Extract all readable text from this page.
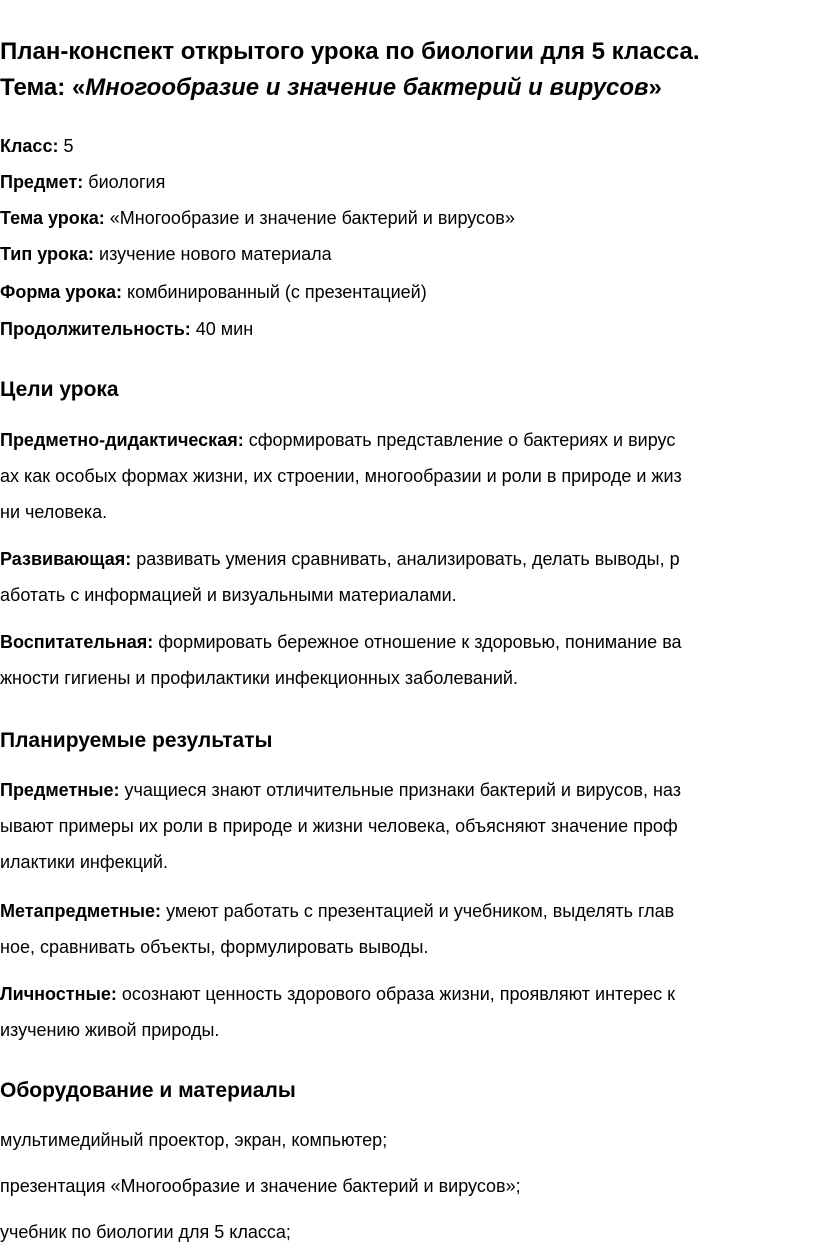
План-конспект открытого урока по биологии для 5 класса.
Тема: «Многообразие и значение бактерий и вирусов»
Класс: 5
Предмет: биология
Тема урока: «Многообразие и значение бактерий и вирусов»
Тип урока: изучение нового материала
Форма урока: комбинированный (с презентацией)
Продолжительность: 40 мин
Цели урока
Предметно-дидактическая: сформировать представление о бактериях и вирус
ах как особых формах жизни, их строении, многообразии и роли в природе и жиз
ни человека.
Развивающая: развивать умения сравнивать, анализировать, делать выводы, р
аботать с информацией и визуальными материалами.
Воспитательная: формировать бережное отношение к здоровью, понимание ва
жности гигиены и профилактики инфекционных заболеваний.
Планируемые результаты
Предметные: учащиеся знают отличительные признаки бактерий и вирусов, наз
ывают примеры их роли в природе и жизни человека, объясняют значение проф
илактики инфекций.
Метапредметные: умеют работать с презентацией и учебником, выделять глав
ное, сравнивать объекты, формулировать выводы.
Личностные: осознают ценность здорового образа жизни, проявляют интерес к
изучению живой природы.
Оборудование и материалы
мультимедийный проектор, экран, компьютер;
презентация «Многообразие и значение бактерий и вирусов»;
учебник по биологии для 5 класса;
